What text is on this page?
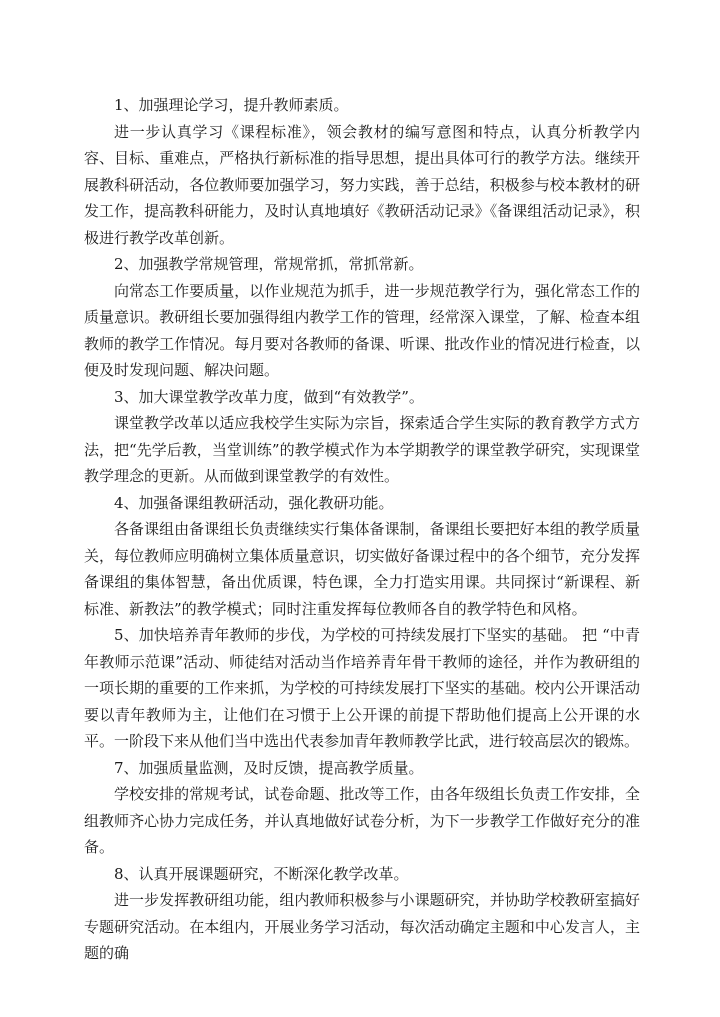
1、加强理论学习，提升教师素质。

进一步认真学习《课程标准》，领会教材的编写意图和特点，认真分析教学内容、目标、重难点，严格执行新标准的指导思想，提出具体可行的教学方法。继续开展教科研活动，各位教师要加强学习，努力实践，善于总结，积极参与校本教材的研发工作，提高教科研能力，及时认真地填好《教研活动记录》《备课组活动记录》，积极进行教学改革创新。

2、加强教学常规管理，常规常抓，常抓常新。

向常态工作要质量，以作业规范为抓手，进一步规范教学行为，强化常态工作的质量意识。教研组长要加强得组内教学工作的管理，经常深入课堂，了解、检查本组教师的教学工作情况。每月要对各教师的备课、听课、批改作业的情况进行检查，以便及时发现问题、解决问题。

3、加大课堂教学改革力度，做到“有效教学”。

课堂教学改革以适应我校学生实际为宗旨，探索适合学生实际的教育教学方式方法，把“先学后教，当堂训练”的教学模式作为本学期教学的课堂教学研究，实现课堂教学理念的更新。从而做到课堂教学的有效性。

4、加强备课组教研活动，强化教研功能。

各备课组由备课组长负责继续实行集体备课制，备课组长要把好本组的教学质量关，每位教师应明确树立集体质量意识，切实做好备课过程中的各个细节，充分发挥备课组的集体智慧，备出优质课，特色课，全力打造实用课。共同探讨“新课程、新标准、新教法”的教学模式；同时注重发挥每位教师各自的教学特色和风格。

5、加快培养青年教师的步伐，为学校的可持续发展打下坚实的基础。 把 “中青年教师示范课”活动、师徒结对活动当作培养青年骨干教师的途径，并作为教研组的一项长期的重要的工作来抓，为学校的可持续发展打下坚实的基础。校内公开课活动要以青年教师为主，让他们在习惯于上公开课的前提下帮助他们提高上公开课的水平。一阶段下来从他们当中选出代表参加青年教师教学比武，进行较高层次的锻炼。

7、加强质量监测，及时反馈，提高教学质量。

学校安排的常规考试，试卷命题、批改等工作，由各年级组长负责工作安排，全组教师齐心协力完成任务，并认真地做好试卷分析，为下一步教学工作做好充分的准备。

8、认真开展课题研究，不断深化教学改革。

进一步发挥教研组功能，组内教师积极参与小课题研究，并协助学校教研室搞好专题研究活动。在本组内，开展业务学习活动，每次活动确定主题和中心发言人，主题的确
